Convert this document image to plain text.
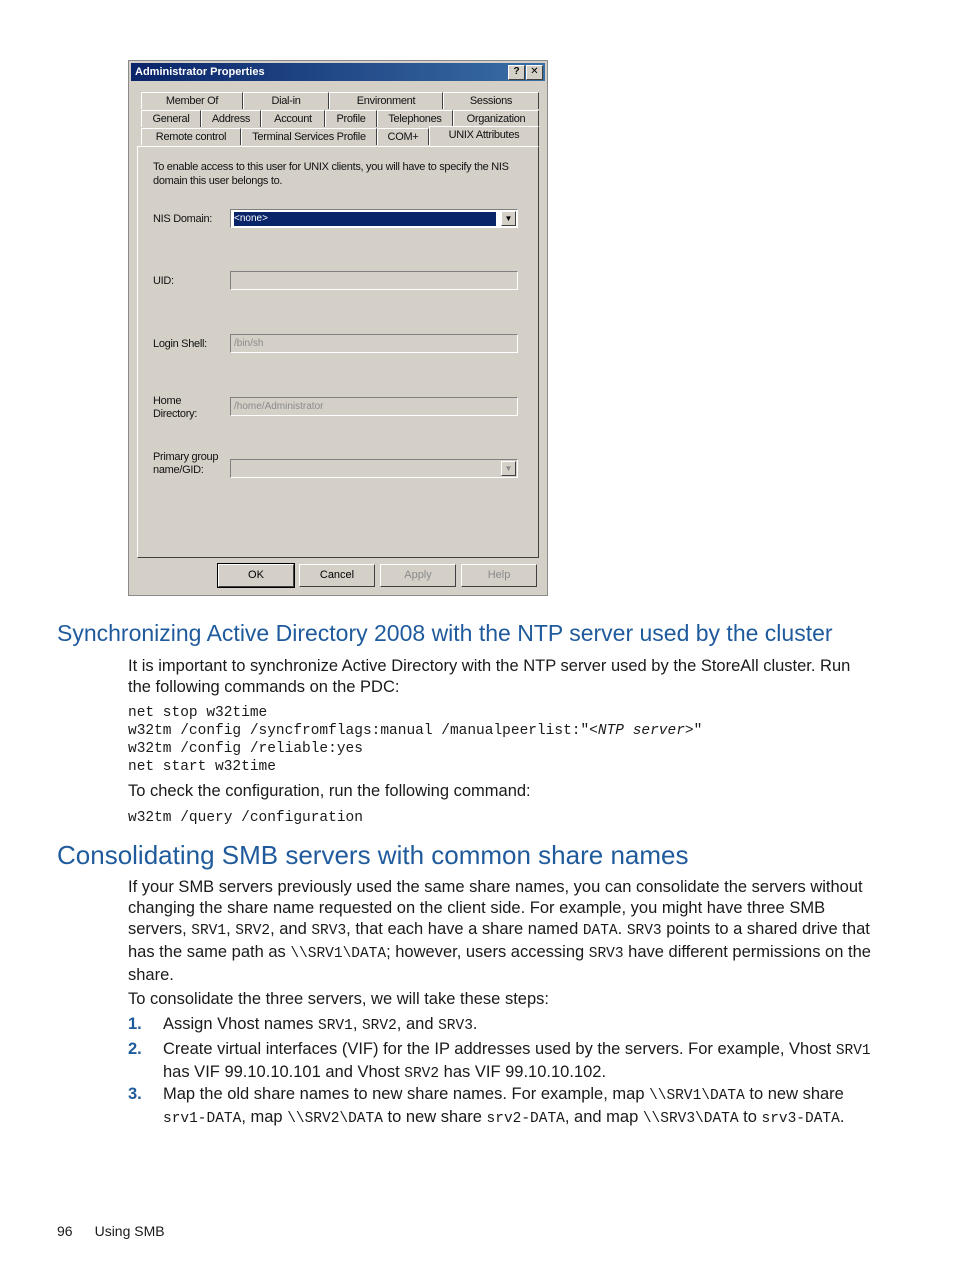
Administrator Properties	?	✕
Member Of	Dial-in	Environment	Sessions
General	Address	Account	Profile	Telephones	Organization
Remote control	Terminal Services Profile	COM+	UNIX Attributes
To enable access to this user for UNIX clients, you will have to specify the NIS domain this user belongs to.
NIS Domain:	<none>	▼
UID:
Login Shell:	/bin/sh
Home
Directory:
/home/Administrator
Primary group
name/GID:	▼
OK	Cancel	Apply	Help
Synchronizing Active Directory 2008 with the NTP server used by the cluster

It is important to synchronize Active Directory with the NTP server used by the StoreAll cluster. Run the following commands on the PDC:

net stop w32time
w32tm /config /syncfromflags:manual /manualpeerlist:"<NTP server>"
w32tm /config /reliable:yes
net start w32time

To check the configuration, run the following command:

w32tm /query /configuration
Consolidating SMB servers with common share names

If your SMB servers previously used the same share names, you can consolidate the servers without changing the share name requested on the client side. For example, you might have three SMB servers, SRV1, SRV2, and SRV3, that each have a share named DATA. SRV3 points to a shared drive that has the same path as \\SRV1\DATA; however, users accessing SRV3 have different permissions on the share.

To consolidate the three servers, we will take these steps:

1. Assign Vhost names SRV1, SRV2, and SRV3.
2. Create virtual interfaces (VIF) for the IP addresses used by the servers. For example, Vhost SRV1 has VIF 99.10.10.101 and Vhost SRV2 has VIF 99.10.10.102.
3. Map the old share names to new share names. For example, map \\SRV1\DATA to new share srv1-DATA, map \\SRV2\DATA to new share srv2-DATA, and map \\SRV3\DATA to srv3-DATA.
96 Using SMB
